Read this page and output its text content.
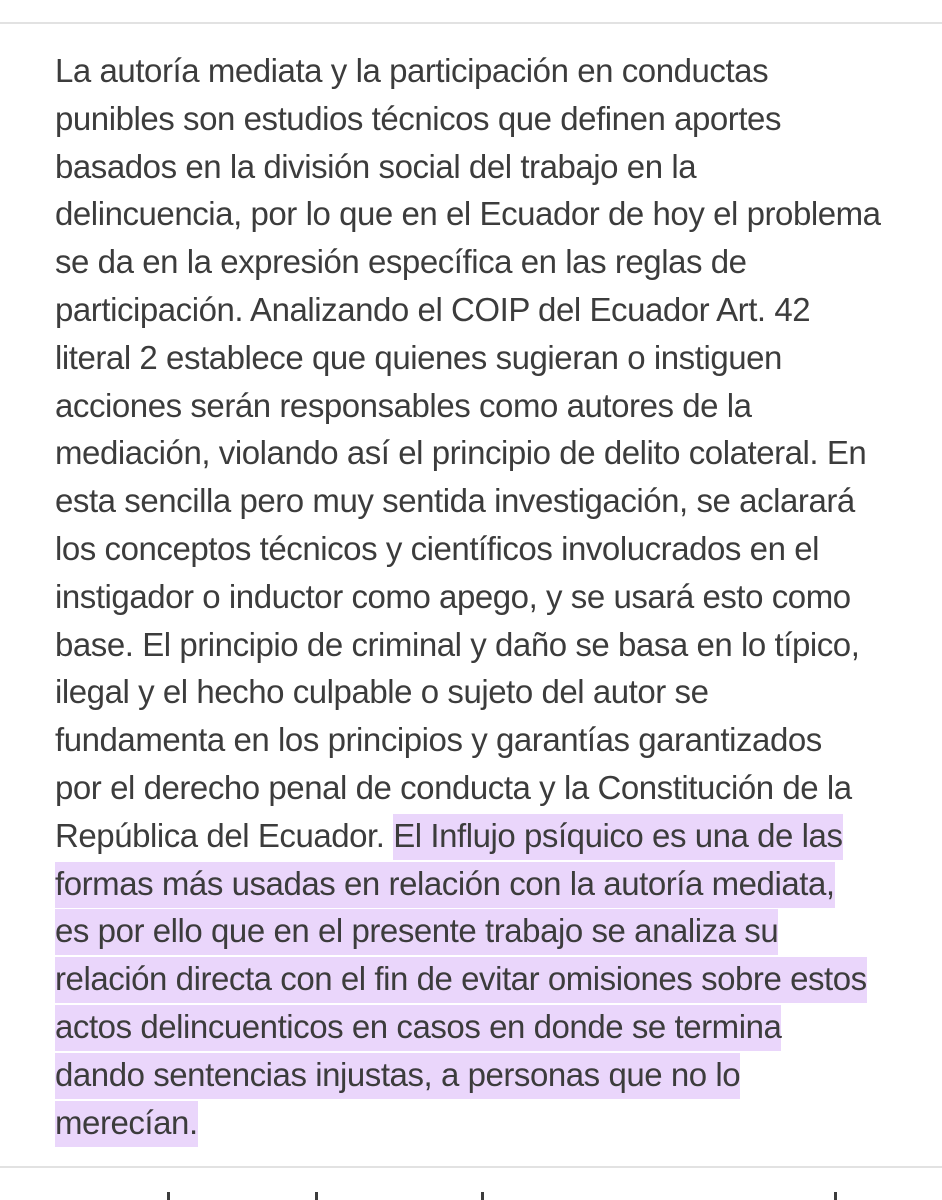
La autoría mediata y la participación en conductas
punibles son estudios técnicos que definen aportes
basados en la división social del trabajo en la
delincuencia, por lo que en el Ecuador de hoy el problema
se da en la expresión específica en las reglas de
participación. Analizando el COIP del Ecuador Art. 42
literal 2 establece que quienes sugieran o instiguen
acciones serán responsables como autores de la
mediación, violando así el principio de delito colateral. En
esta sencilla pero muy sentida investigación, se aclarará
los conceptos técnicos y científicos involucrados en el
instigador o inductor como apego, y se usará esto como
base. El principio de criminal y daño se basa en lo típico,
ilegal y el hecho culpable o sujeto del autor se
fundamenta en los principios y garantías garantizados
por el derecho penal de conducta y la Constitución de la
República del Ecuador. El Influjo psíquico es una de las
formas más usadas en relación con la autoría mediata,
es por ello que en el presente trabajo se analiza su
relación directa con el fin de evitar omisiones sobre estos
actos delincuenticos en casos en donde se termina
dando sentencias injustas, a personas que no lo
merecían.
